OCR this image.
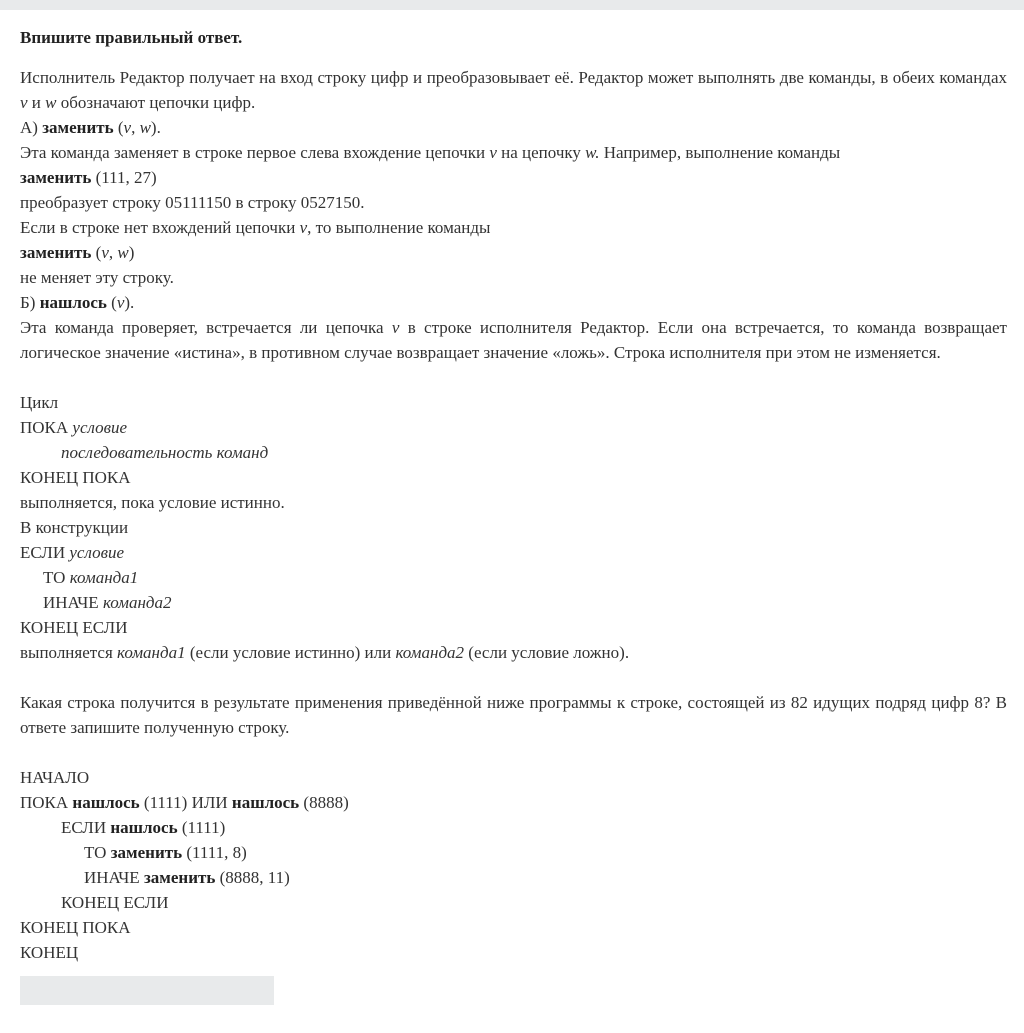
Впишите правильный ответ.
Исполнитель Редактор получает на вход строку цифр и преобразовывает её. Редактор может выполнять две команды, в обеих командах v и w обозначают цепочки цифр.
А) заменить (v, w).
Эта команда заменяет в строке первое слева вхождение цепочки v на цепочку w. Например, выполнение команды
заменить (111, 27)
преобразует строку 05111150 в строку 0527150.
Если в строке нет вхождений цепочки v, то выполнение команды
заменить (v, w)
не меняет эту строку.
Б) нашлось (v).
Эта команда проверяет, встречается ли цепочка v в строке исполнителя Редактор. Если она встречается, то команда возвращает логическое значение «истина», в противном случае возвращает значение «ложь». Строка исполнителя при этом не изменяется.
Цикл
ПОКА условие
последовательность команд
КОНЕЦ ПОКА
выполняется, пока условие истинно.
В конструкции
ЕСЛИ условие
ТО команда1
ИНАЧЕ команда2
КОНЕЦ ЕСЛИ
выполняется команда1 (если условие истинно) или команда2 (если условие ложно).
Какая строка получится в результате применения приведённой ниже программы к строке, состоящей из 82 идущих подряд цифр 8? В ответе запишите полученную строку.
НАЧАЛО
ПОКА нашлось (1111) ИЛИ нашлось (8888)
ЕСЛИ нашлось (1111)
ТО заменить (1111, 8)
ИНАЧЕ заменить (8888, 11)
КОНЕЦ ЕСЛИ
КОНЕЦ ПОКА
КОНЕЦ
